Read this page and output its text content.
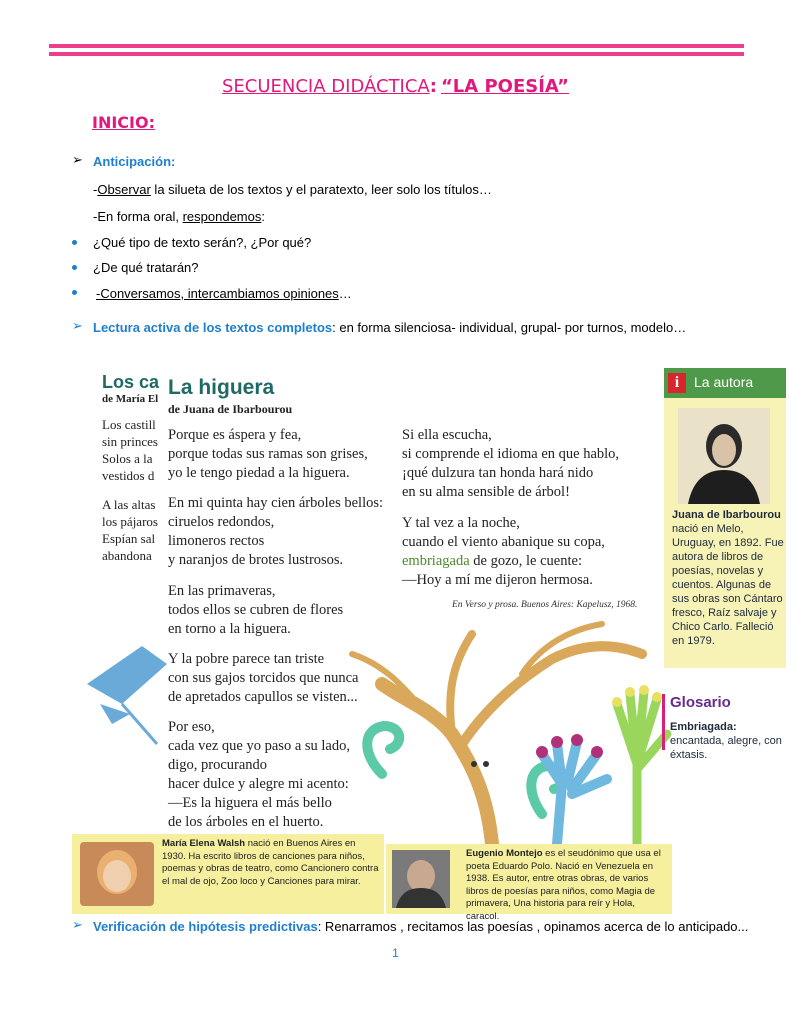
SECUENCIA DIDÁCTICA: “LA POESÍA”
INICIO:
➢ Anticipación:
-Observar la silueta de los textos y el paratexto, leer solo los títulos…
-En forma oral, respondemos:
¿Qué tipo de texto serán?, ¿Por qué?
¿De qué tratarán?
-Conversamos, intercambiamos opiniones…
➢ Lectura activa de los textos completos: en forma silenciosa- individual, grupal- por turnos, modelo…
Los ca
de María El
Los castill
sin princes
Solos a la
vestidos d
A las altas
los pájaros
Espían sal
abandona
La higuera
de Juana de Ibarbourou
Porque es áspera y fea,
porque todas sus ramas son grises,
yo le tengo piedad a la higuera.
En mi quinta hay cien árboles bellos:
ciruelos redondos,
limoneros rectos
y naranjos de brotes lustrosos.
En las primaveras,
todos ellos se cubren de flores
en torno a la higuera.
Y la pobre parece tan triste
con sus gajos torcidos que nunca
de apretados capullos se visten...
Por eso,
cada vez que yo paso a su lado,
digo, procurando
hacer dulce y alegre mi acento:
—Es la higuera el más bello
de los árboles en el huerto.
Si ella escucha,
si comprende el idioma en que hablo,
¡qué dulzura tan honda hará nido
en su alma sensible de árbol!
Y tal vez a la noche,
cuando el viento abanique su copa,
embriagada de gozo, le cuente:
—Hoy a mí me dijeron hermosa.
En Verso y prosa. Buenos Aires: Kapelusz, 1968.
i	La autora
Juana de Ibarbourou
nació en Melo, Uruguay, en 1892. Fue autora de libros de poesías, novelas y cuentos. Algunas de sus obras son Cántaro fresco, Raíz salvaje y Chico Carlo. Falleció en 1979.
Glosario
Embriagada: encantada, alegre, con éxtasis.
María Elena Walsh nació en Buenos Aires en 1930. Ha escrito libros de canciones para niños, poemas y obras de teatro, como Cancionero contra el mal de ojo, Zoo loco y Canciones para mirar.
Eugenio Montejo es el seudónimo que usa el poeta Eduardo Polo. Nació en Venezuela en 1938. Es autor, entre otras obras, de varios libros de poesías para niños, como Magia de primavera, Una historia para reír y Hola, caracol.
➢ Verificación de hipótesis predictivas: Renarramos , recitamos las poesías , opinamos acerca de lo anticipado...
1
